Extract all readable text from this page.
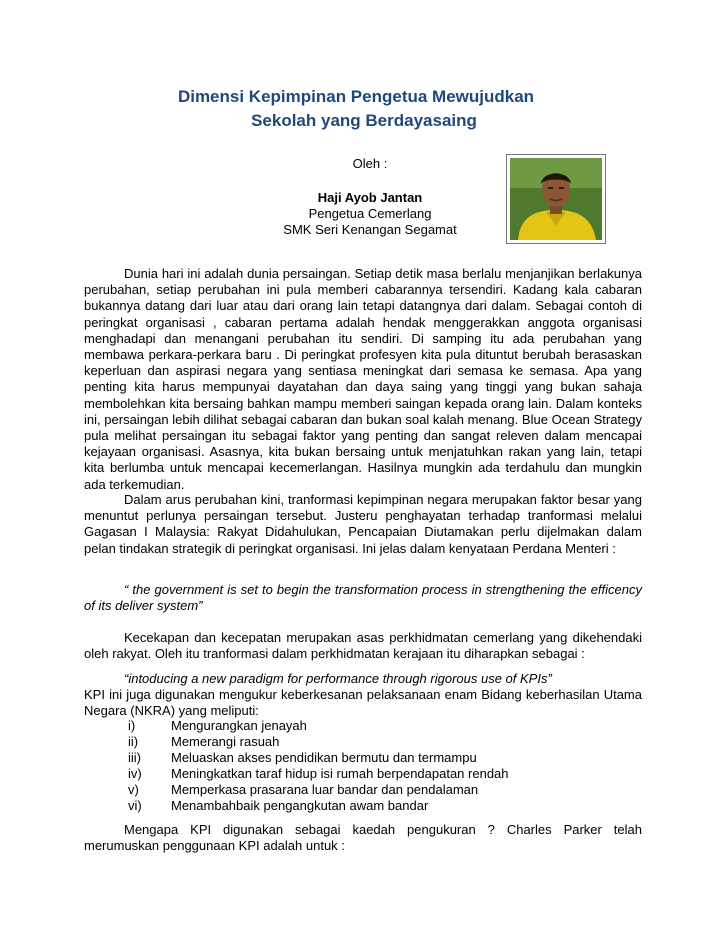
Dimensi Kepimpinan Pengetua Mewujudkan
Sekolah yang Berdayasaing
Oleh :
Haji Ayob Jantan
Pengetua Cemerlang
SMK Seri Kenangan Segamat

Dunia hari ini adalah dunia persaingan. Setiap detik masa berlalu menjanjikan berlakunya perubahan, setiap perubahan ini pula memberi cabarannya tersendiri. Kadang kala cabaran bukannya datang dari luar atau dari orang lain tetapi datangnya dari dalam. Sebagai contoh di peringkat organisasi , cabaran pertama adalah hendak menggerakkan anggota organisasi menghadapi dan menangani perubahan itu sendiri. Di samping itu ada perubahan yang membawa perkara-perkara baru . Di peringkat profesyen kita pula dituntut berubah berasaskan keperluan dan aspirasi negara yang sentiasa meningkat dari semasa ke semasa. Apa yang penting kita harus mempunyai dayatahan dan daya saing yang tinggi yang bukan sahaja membolehkan kita bersaing bahkan mampu memberi saingan kepada orang lain. Dalam konteks ini, persaingan lebih dilihat sebagai cabaran dan bukan soal kalah menang. Blue Ocean Strategy pula melihat persaingan itu sebagai faktor yang penting dan sangat releven dalam mencapai kejayaan organisasi. Asasnya, kita bukan bersaing untuk menjatuhkan rakan yang lain, tetapi kita berlumba untuk mencapai kecemerlangan. Hasilnya mungkin ada terdahulu dan mungkin ada terkemudian.

Dalam arus perubahan kini, tranformasi kepimpinan negara merupakan faktor besar yang menuntut perlunya persaingan tersebut. Justeru penghayatan terhadap tranformasi melalui Gagasan I Malaysia: Rakyat Didahulukan, Pencapaian Diutamakan perlu dijelmakan dalam pelan tindakan strategik di peringkat organisasi. Ini jelas dalam kenyataan Perdana Menteri :

“ the government is set to begin the transformation process in strengthening the efficency of its deliver system”

Kecekapan dan kecepatan merupakan asas perkhidmatan cemerlang yang dikehendaki oleh rakyat. Oleh itu tranformasi dalam perkhidmatan kerajaan itu diharapkan sebagai :

“intoducing a new paradigm for performance through rigorous use of KPIs”

KPI ini juga digunakan mengukur keberkesanan pelaksanaan enam Bidang keberhasilan Utama Negara (NKRA) yang meliputi:

i)	Mengurangkan jenayah
ii)	Memerangi rasuah
iii)	Meluaskan akses pendidikan bermutu dan termampu
iv)	Meningkatkan taraf hidup isi rumah berpendapatan rendah
v)	Memperkasa prasarana luar bandar dan pendalaman
vi)	Menambahbaik pengangkutan awam bandar

Mengapa KPI digunakan sebagai kaedah pengukuran ? Charles Parker telah merumuskan penggunaan KPI adalah untuk :
